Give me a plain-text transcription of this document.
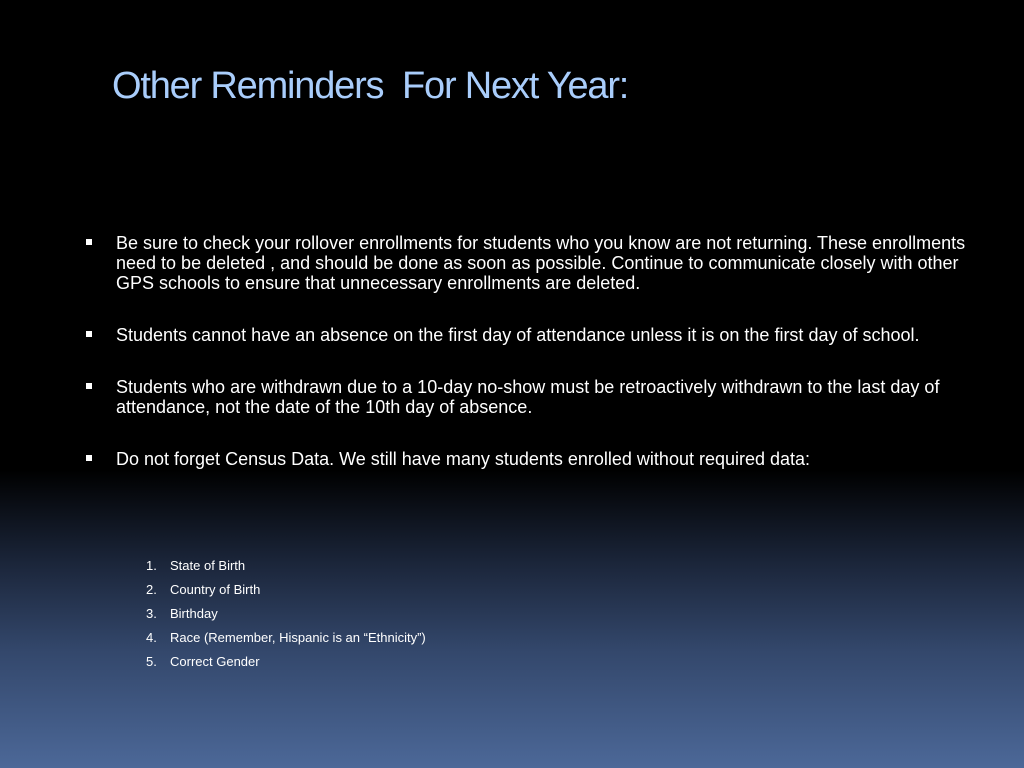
Other Reminders  For Next Year:
Be sure to check your rollover enrollments for students who you know are not returning. These enrollments need to be deleted , and should be done as soon as possible. Continue to communicate closely with other GPS schools to ensure that unnecessary enrollments are deleted.
Students cannot have an absence on the first day of attendance unless it is on the first day of school.
Students who are withdrawn due to a 10-day no-show must be retroactively withdrawn to the last day of attendance, not the date of the 10th day of absence.
Do not forget Census Data. We still have many students enrolled without required data:
1. State of Birth
2. Country of Birth
3. Birthday
4. Race (Remember, Hispanic is an “Ethnicity”)
5. Correct Gender
